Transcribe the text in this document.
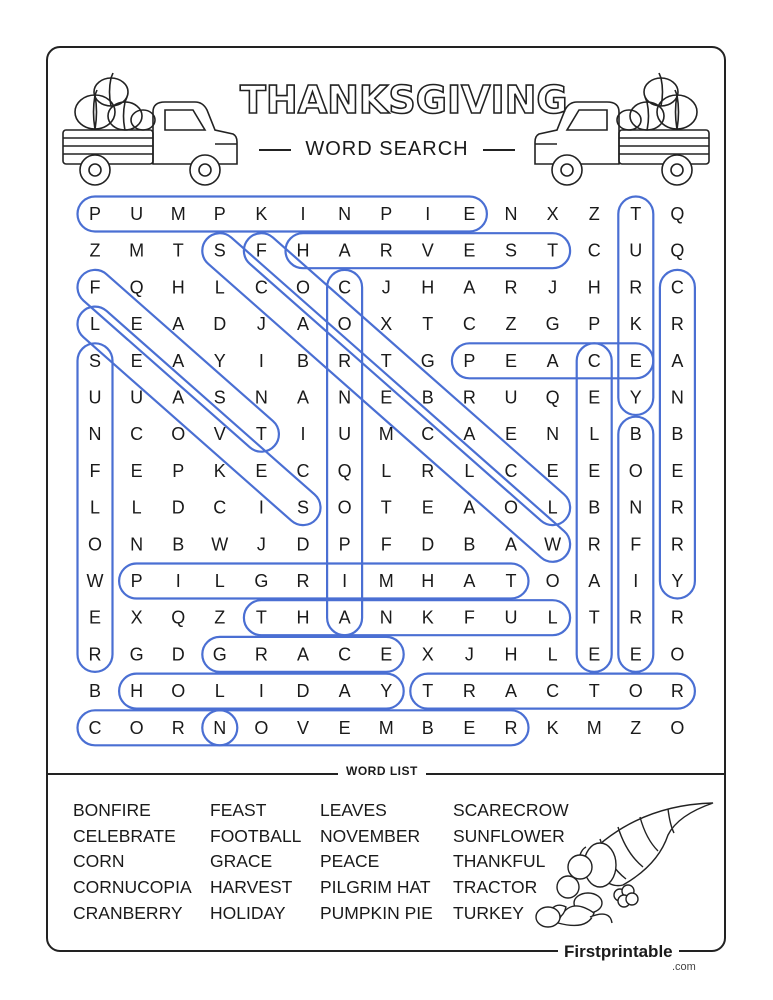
THANKSGIVING
WORD SEARCH
P U M P K I N P I E N X Z T Q
Z M T S F H A R V E S T C U Q
F Q H L C O C J H A R J H R C
L E A D J A O X T C Z G P K R
S E A Y I B R T G P E A C E A
U U A S N A N E B R U Q E Y N
N C O V T I U M C A E N L B B
F E P K E C Q L R L C E E O E
L L D C I S O T E A O L B N R
O N B W J D P F D B A W R F R
W P I L G R I M H A T O A I Y
E X Q Z T H A N K F U L T R R
R G D G R A C E X J H L E E O
B H O L I D A Y T R A C T O R
C O R N O V E M B E R K M Z O
WORD LIST
BONFIRE
CELEBRATE
CORN
CORNUCOPIA
CRANBERRY
FEAST
FOOTBALL
GRACE
HARVEST
HOLIDAY
LEAVES
NOVEMBER
PEACE
PILGRIM HAT
PUMPKIN PIE
SCARECROW
SUNFLOWER
THANKFUL
TRACTOR
TURKEY
Firstprintable
.com
